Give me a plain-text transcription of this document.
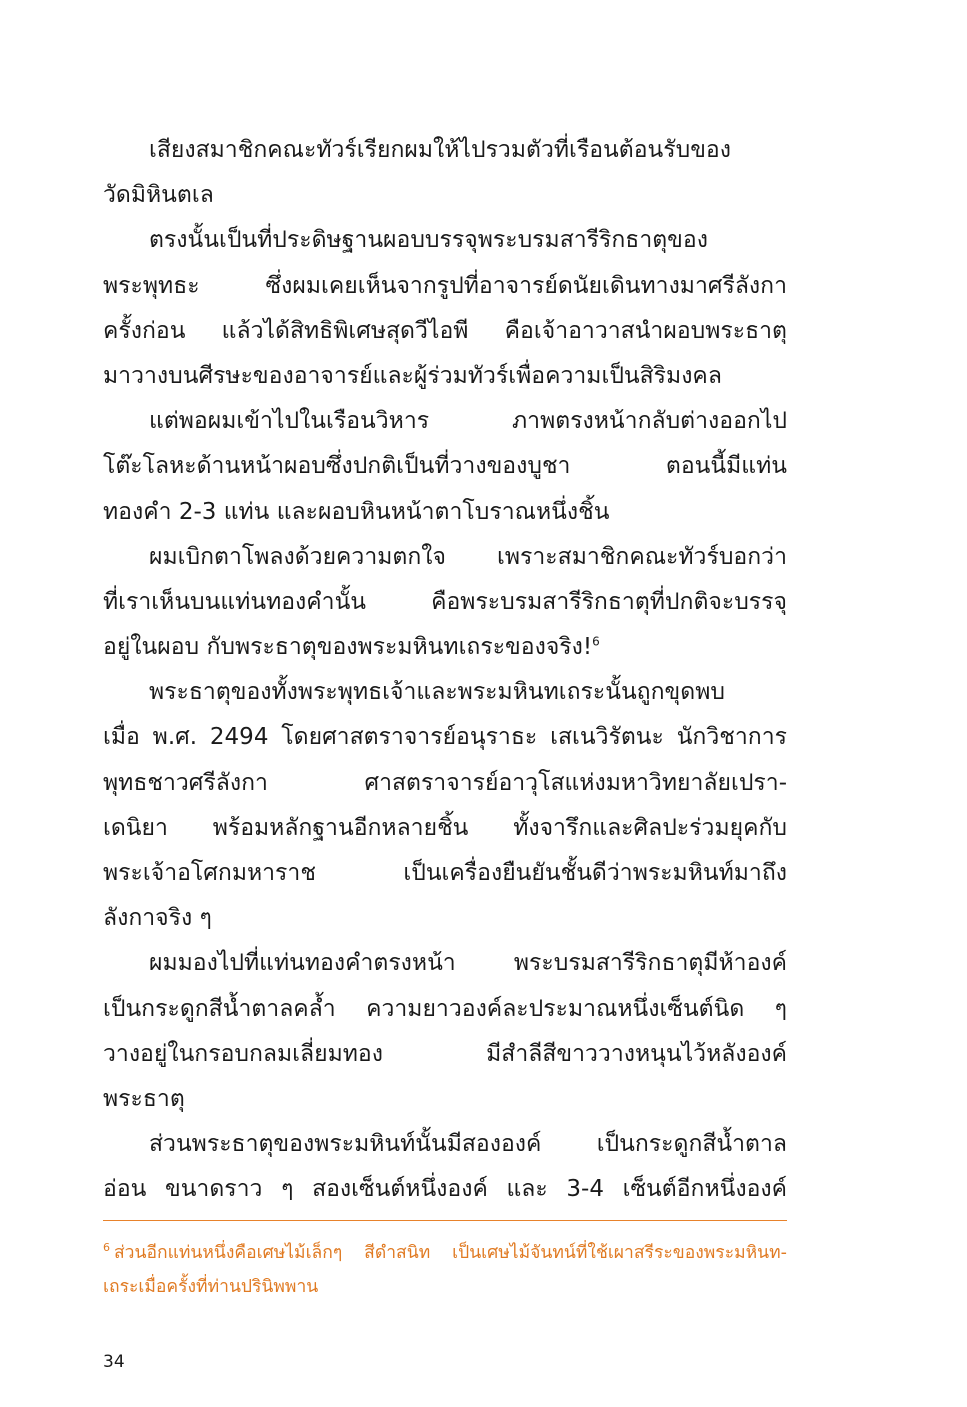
เสียงสมาชิกคณะทัวร์เรียกผมให้ไปรวมตัวที่เรือนต้อนรับของ
วัดมิหินตเล
ตรงนั้นเป็นที่ประดิษฐานผอบบรรจุพระบรมสารีริกธาตุของ
พระพุทธะ ซึ่งผมเคยเห็นจากรูปที่อาจารย์ดนัยเดินทางมาศรีลังกา
ครั้งก่อน แล้วได้สิทธิพิเศษสุดวีไอพี คือเจ้าอาวาสนำผอบพระธาตุ
มาวางบนศีรษะของอาจารย์และผู้ร่วมทัวร์เพื่อความเป็นสิริมงคล
แต่พอผมเข้าไปในเรือนวิหาร ภาพตรงหน้ากลับต่างออกไป
โต๊ะโลหะด้านหน้าผอบซึ่งปกติเป็นที่วางของบูชา ตอนนี้มีแท่น
ทองคำ 2-3 แท่น และผอบหินหน้าตาโบราณหนึ่งชิ้น
ผมเบิกตาโพลงด้วยความตกใจ เพราะสมาชิกคณะทัวร์บอกว่า
ที่เราเห็นบนแท่นทองคำนั้น คือพระบรมสารีริกธาตุที่ปกติจะบรรจุ
อยู่ในผอบ กับพระธาตุของพระมหินทเถระของจริง!$^6$
พระธาตุของทั้งพระพุทธเจ้าและพระมหินทเถระนั้นถูกขุดพบ
เมื่อ พ.ศ. 2494 โดยศาสตราจารย์อนุราธะ เสเนวิรัตนะ นักวิชาการ
พุทธชาวศรีลังกา ศาสตราจารย์อาวุโสแห่งมหาวิทยาลัยเปรา-
เดนิยา พร้อมหลักฐานอีกหลายชิ้น ทั้งจารึกและศิลปะร่วมยุคกับ
พระเจ้าอโศกมหาราช เป็นเครื่องยืนยันชั้นดีว่าพระมหินท์มาถึง
ลังกาจริง ๆ
ผมมองไปที่แท่นทองคำตรงหน้า พระบรมสารีริกธาตุมีห้าองค์
เป็นกระดูกสีน้ำตาลคล้ำ ความยาวองค์ละประมาณหนึ่งเซ็นต์นิด ๆ
วางอยู่ในกรอบกลมเลี่ยมทอง มีสำลีสีขาววางหนุนไว้หลังองค์
พระธาตุ
ส่วนพระธาตุของพระมหินท์นั้นมีสององค์ เป็นกระดูกสีน้ำตาล
อ่อน ขนาดราว ๆ สองเซ็นต์หนึ่งองค์ และ 3-4 เซ็นต์อีกหนึ่งองค์
$^6$ ส่วนอีกแท่นหนึ่งคือเศษไม้เล็กๆ สีดำสนิท เป็นเศษไม้จันทน์ที่ใช้เผาสรีระของพระมหินท-
เถระเมื่อครั้งที่ท่านปรินิพพาน
34
